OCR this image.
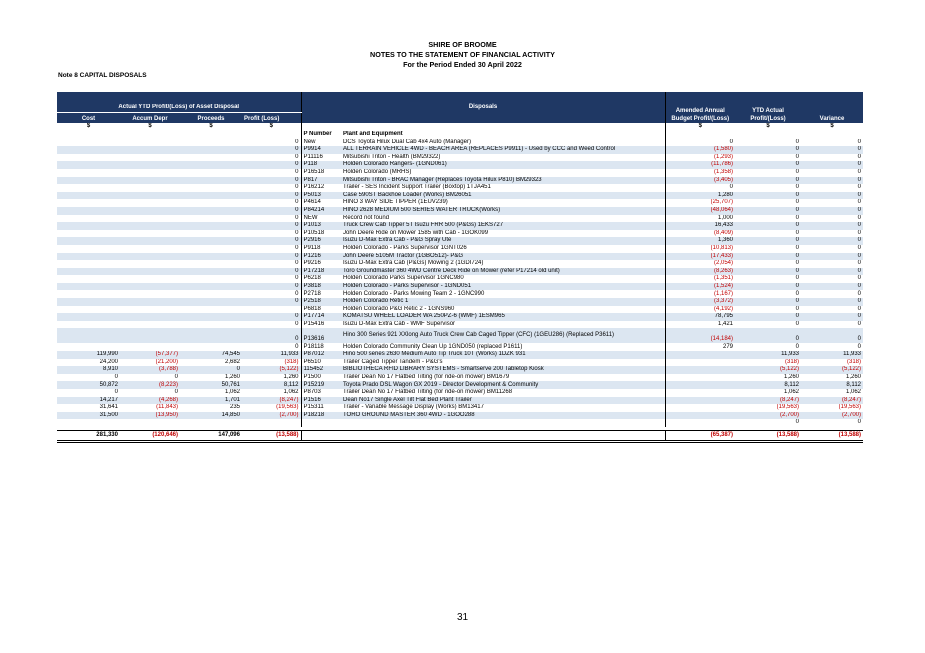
SHIRE OF BROOME
NOTES TO THE STATEMENT OF FINANCIAL ACTIVITY
For the Period Ended 30 April 2022
Note 8 CAPITAL DISPOSALS
				Disposals		Amended Annual Budget Profit/(Loss)	YTD Actual Profit/(Loss)	Variance
Actual YTD Profit/(Loss) of Asset Disposal								
Cost	Accum Depr	Proceeds	Profit (Loss)					
$	$	$	$			$	$	$
				P Number	Plant and Equipment			
			0	New	DCS Toyota Hilux Dual Cab 4x4 Auto (Manager)	0	0	0
			0	P9914	ALL TERRAIN VEHICLE 4WD - BEACH AREA (REPLACES P9911) - Used by CCC and Weed Control	(1,580)	0	0
			0	P11116	Mitsubishi Triton - Health (BM29322)	(1,293)	0	0
			0	P118	Holden Colorado Rangers- (1GND061)	(11,786)	0	0
			0	P16518	Holden Colorado (MRHS)	(1,358)	0	0
			0	P817	Mitsubishi Triton - BRAC Manager (Replaces Toyota Hilux P810) BM29323	(3,405)	0	0
			0	P16212	Trailer - SES Incident Support Trailer (Boxtop) 1TJA451	0	0	0
			0	P5013	Case 590ST Backhoe Loader (Works) BM26051	1,280	0	0
			0	P4614	HINO 3 WAY SIDE TIPPER (1EUV239)	(25,707)	0	0
			0	P84214	HINO 2628 MEDIUM 500 SERIES WATER TRUCK(Works)	(48,064)	0	0
			0	NEW	Record not found	1,000	0	0
			0	P1013	Truck Crew Cab Tipper 5T Isuzu FRR 500 (P&Gs) 1EKS727	16,433	0	0
			0	P10518	John Deere Ride on Mower 1585 with Cab - 1GOK099	(8,409)	0	0
			0	P2916	Isuzu D-Max Extra Cab - P&G Spray Ute	1,360	0	0
			0	P9118	Holden Colorado - Parks Supervisor 1GNT026	(10,813)	0	0
			0	P1216	John Deere 5105M Tractor (1GBO512)- P&G	(17,433)	0	0
			0	P9216	Isuzu D-Max Extra Cab (P&Gs) Mowing 2 (1GDI724)	(2,054)	0	0
			0	P17218	Toro Groundmaster 360 4WD Centre Deck Ride on Mower (refer P17214 old unit)	(8,263)	0	0
			0	P6218	Holden Colorado Parks Supervisor 1GNC980	(1,351)	0	0
			0	P3818	Holden Colorado - Parks Supervisor - 1GND051	(1,524)	0	0
			0	P2718	Holden Colorado - Parks Mowing Team 2 - 1GNC990	(1,167)	0	0
			0	P2518	Holden Colorado Retic 1	(3,372)	0	0
				P6818	Holden Colorado P&G Retic 2 - 1GNS960	(4,192)	0	0
			0	P17714	KOMATSU WHEEL LOADER WA 250PZ-6 (WMF) 1ESM965	78,795	0	0
			0	P15416	Isuzu D-Max Extra Cab - WMF Supervisor	1,421	0	0
			0	P13616	Hino 300 Series 921 XXlong Auto Truck Crew Cab Caged Tipper (CFC) (1GEU286) (Replaced P3611)	(14,184)	0	0
			0	P18118	Holden Colorado Community Clean Up 1GND050 (replaced P1611)	279	0	0
119,990	(57,377)	74,545	11,933	P87012	Hino 500 series 2630 Medium Auto Tip Truck 10T (Works) 1DZK 931		11,933	11,933
24,200	(21,200)	2,682	(318)	P6510	Trailer Caged Tipper Tandem - P&G's		(318)	(318)
8,910	(3,788)	0	(5,122)	115452	BIBLIOTHECA RFID LIBRARY SYSTEMS - Smartserve 200 Tabletop Kiosk		(5,122)	(5,122)
0	0	1,260	1,260	P1500	Trailer Dean No 17 Flatbed Tilting (for ride-on mower) BM1679		1,260	1,260
50,872	(8,223)	50,761	8,112	P15219	Toyota Prado DSL Wagon GX 2019 - Director Development & Community		8,112	8,112
0	0	1,062	1,062	P8703	Trailer Dean No 17 Flatbed Tilting (for ride-on mower) BM11268		1,062	1,062
14,217	(4,268)	1,701	(8,247)	P1516	Dean No17 Single Axel Tilt Flat Bed Plant Trailer		(8,247)	(8,247)
31,641	(11,843)	235	(19,563)	P15311	Trailer - Variable Message Display (Works) BM13417		(19,563)	(19,563)
31,500	(13,950)	14,850	(2,700)	P18218	TORO GROUND MASTER 360 4WD - 1GOO288		(2,700)	(2,700)
							0	0

281,330	(120,646)	147,096	(13,588)			(65,387)	(13,588)	(13,588)
31
